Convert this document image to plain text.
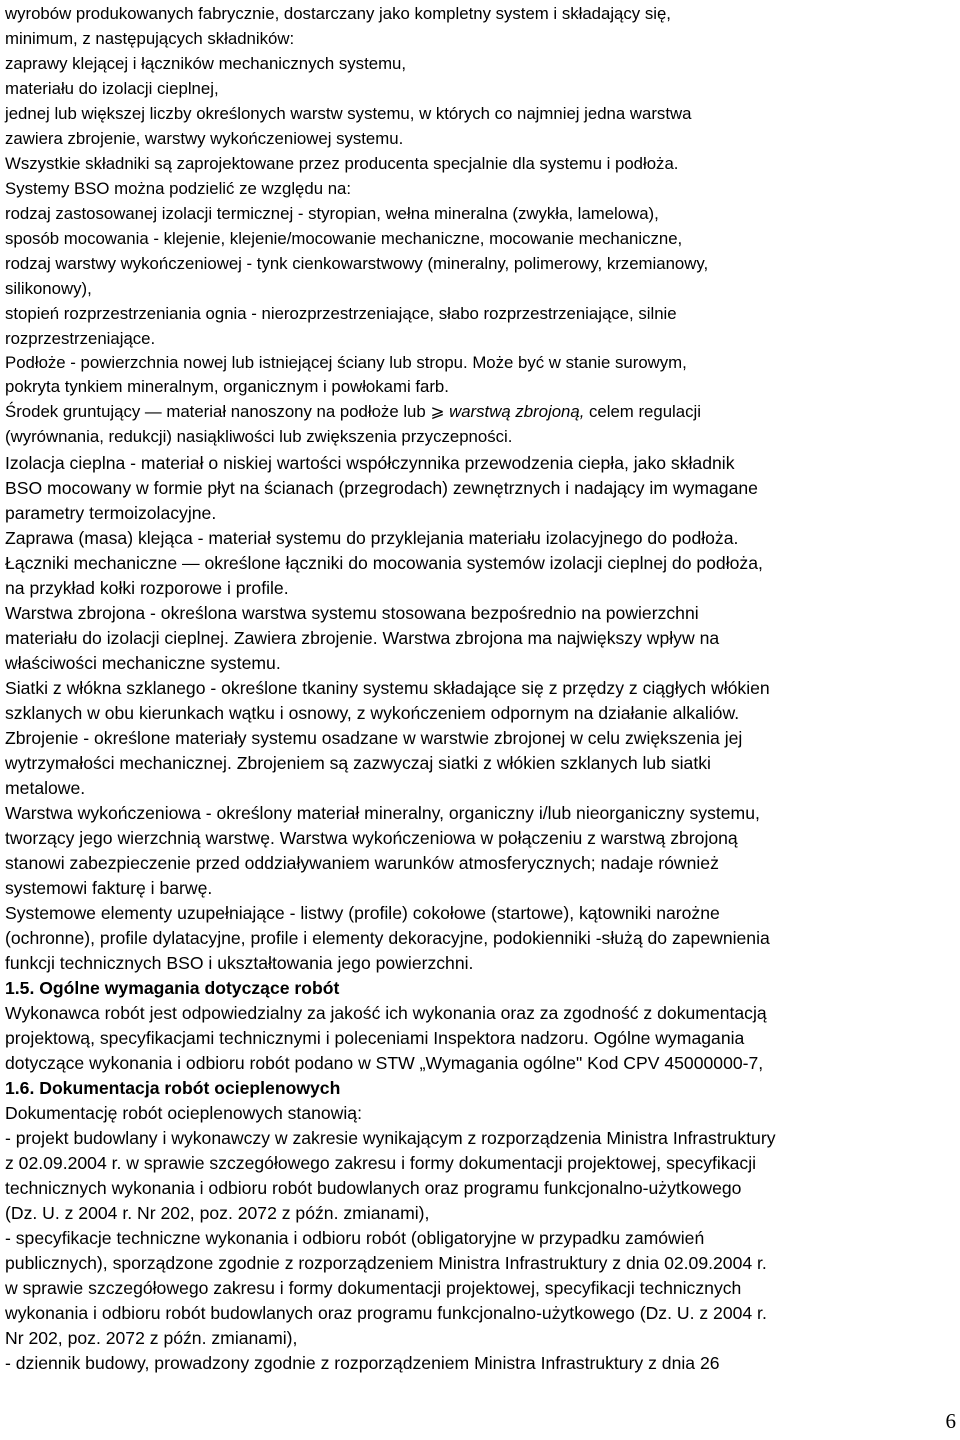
wyrobów produkowanych fabrycznie, dostarczany jako kompletny system i składający się,
minimum, z następujących składników:
zaprawy klejącej i łączników mechanicznych systemu,
materiału do izolacji cieplnej,
jednej lub większej liczby określonych warstw systemu, w których co najmniej jedna warstwa
zawiera zbrojenie, warstwy wykończeniowej systemu.
Wszystkie składniki są zaprojektowane przez producenta specjalnie dla systemu i podłoża.
Systemy BSO można podzielić ze względu na:
rodzaj zastosowanej izolacji termicznej - styropian, wełna mineralna (zwykła, lamelowa),
sposób mocowania - klejenie, klejenie/mocowanie mechaniczne, mocowanie mechaniczne,
rodzaj warstwy wykończeniowej - tynk cienkowarstwowy (mineralny, polimerowy, krzemianowy,
silikonowy),
stopień rozprzestrzeniania ognia - nierozprzestrzeniające, słabo rozprzestrzeniające, silnie
rozprzestrzeniające.
Podłoże - powierzchnia nowej lub istniejącej ściany lub stropu. Może być w stanie surowym,
pokryta tynkiem mineralnym, organicznym i powłokami farb.
Środek gruntujący ― materiał nanoszony na podłoże lub ⩾ warstwą zbrojoną, celem regulacji
(wyrównania, redukcji) nasiąkliwości lub zwiększenia przyczepności.
Izolacja cieplna - materiał o niskiej wartości współczynnika przewodzenia ciepła, jako składnik
BSO mocowany w formie płyt na ścianach (przegrodach) zewnętrznych i nadający im wymagane
parametry termoizolacyjne.
Zaprawa (masa) klejąca - materiał systemu do przyklejania materiału izolacyjnego do podłoża.
Łączniki mechaniczne ― określone łączniki do mocowania systemów izolacji cieplnej do podłoża,
na przykład kołki rozporowe i profile.
Warstwa zbrojona - określona warstwa systemu stosowana bezpośrednio na powierzchni
materiału do izolacji cieplnej. Zawiera zbrojenie. Warstwa zbrojona ma największy wpływ na
właściwości mechaniczne systemu.
Siatki z włókna szklanego - określone tkaniny systemu składające się z przędzy z ciągłych włókien
szklanych w obu kierunkach wątku i osnowy, z wykończeniem odpornym na działanie alkaliów.
Zbrojenie - określone materiały systemu osadzane w warstwie zbrojonej w celu zwiększenia jej
wytrzymałości mechanicznej. Zbrojeniem są zazwyczaj siatki z włókien szklanych lub siatki
metalowe.
Warstwa wykończeniowa - określony materiał mineralny, organiczny i/lub nieorganiczny systemu,
tworzący jego wierzchnią warstwę. Warstwa wykończeniowa w połączeniu z warstwą zbrojoną
stanowi zabezpieczenie przed oddziaływaniem warunków atmosferycznych; nadaje również
systemowi fakturę i barwę.
Systemowe elementy uzupełniające - listwy (profile) cokołowe (startowe), kątowniki narożne
(ochronne), profile dylatacyjne, profile i elementy dekoracyjne, podokienniki -służą do zapewnienia
funkcji technicznych BSO i ukształtowania jego powierzchni.
1.5. Ogólne wymagania dotyczące robót
Wykonawca robót jest odpowiedzialny za jakość ich wykonania oraz za zgodność z dokumentacją
projektową, specyfikacjami technicznymi i poleceniami Inspektora nadzoru. Ogólne wymagania
dotyczące wykonania i odbioru robót podano w STW „Wymagania ogólne" Kod CPV 45000000-7,
1.6. Dokumentacja robót ocieplenowych
Dokumentację robót ocieplenowych stanowią:
- projekt budowlany i wykonawczy w zakresie wynikającym z rozporządzenia Ministra Infrastruktury
z 02.09.2004 r. w sprawie szczegółowego zakresu i formy dokumentacji projektowej, specyfikacji
technicznych wykonania i odbioru robót budowlanych oraz programu funkcjonalno-użytkowego
(Dz. U. z 2004 r. Nr 202, poz. 2072 z późn. zmianami),
- specyfikacje techniczne wykonania i odbioru robót (obligatoryjne w przypadku zamówień
publicznych), sporządzone zgodnie z rozporządzeniem Ministra Infrastruktury z dnia 02.09.2004 r.
w sprawie szczegółowego zakresu i formy dokumentacji projektowej, specyfikacji technicznych
wykonania i odbioru robót budowlanych oraz programu funkcjonalno-użytkowego (Dz. U. z 2004 r.
Nr 202, poz. 2072 z późn. zmianami),
- dziennik budowy, prowadzony zgodnie z rozporządzeniem Ministra Infrastruktury z dnia 26
6
